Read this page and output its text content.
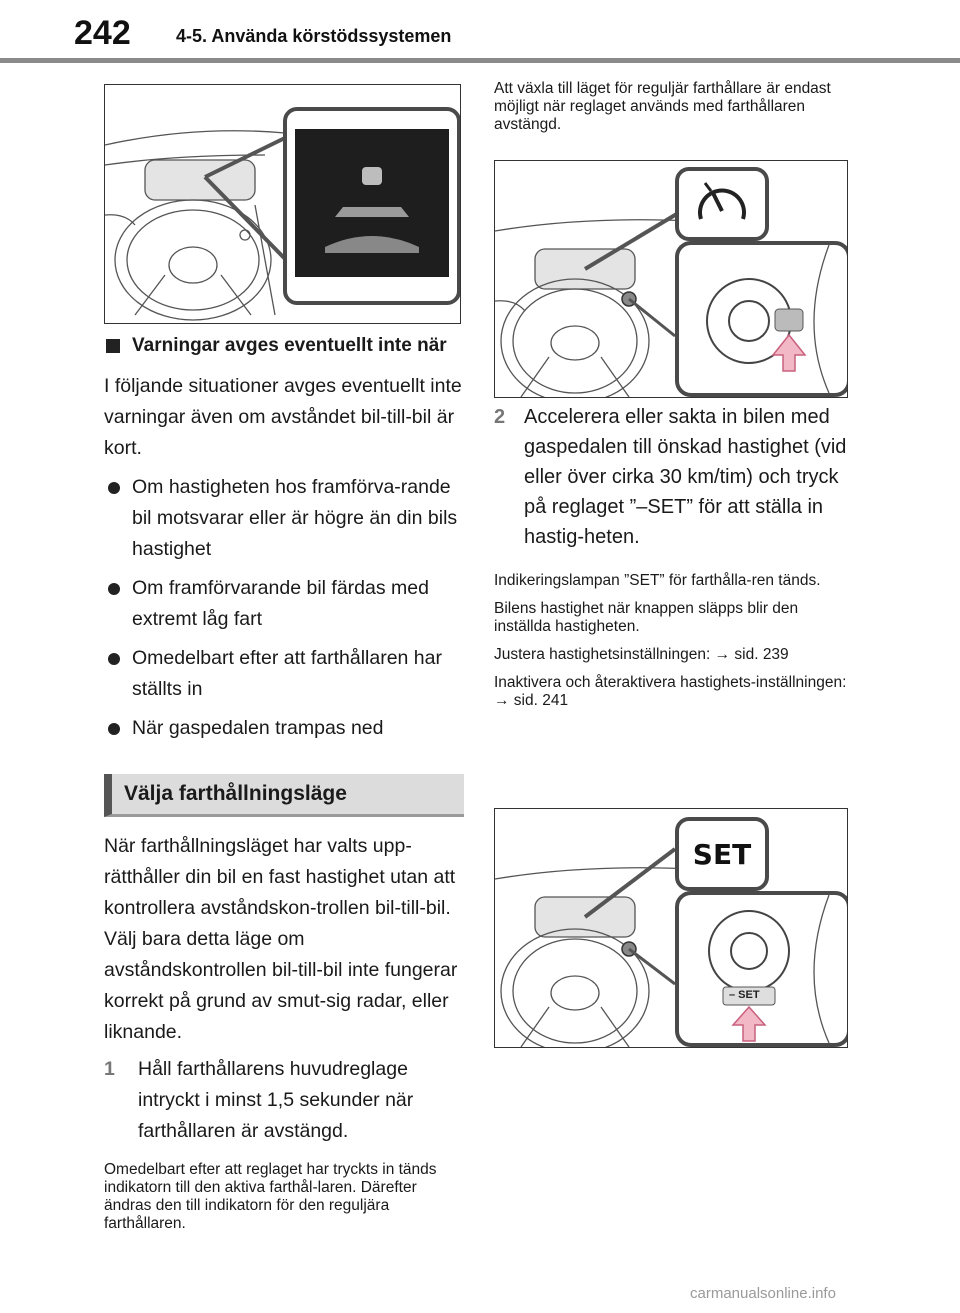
242	4-5. Använda körstödssystemen
Varningar avges eventuellt inte när

I följande situationer avges eventuellt inte varningar även om avståndet bil-till-bil är kort.

Om hastigheten hos framförva-rande bil motsvarar eller är högre än din bils hastighet
Om framförvarande bil färdas med extremt låg fart
Omedelbart efter att farthållaren har ställts in
När gaspedalen trampas ned
Välja farthållningsläge

När farthållningsläget har valts upp-rätthåller din bil en fast hastighet utan att kontrollera avståndskon-trollen bil-till-bil. Välj bara detta läge om avståndskontrollen bil-till-bil inte fungerar korrekt på grund av smut-sig radar, eller liknande.

1	Håll farthållarens huvudreglage intryckt i minst 1,5 sekunder när farthållaren är avstängd.

Omedelbart efter att reglaget har tryckts in tänds indikatorn till den aktiva farthål-laren. Därefter ändras den till indikatorn för den reguljära farthållaren.

Att växla till läget för reguljär farthållare är endast möjligt när reglaget används med farthållaren avstängd.

2 Accelerera eller sakta in bilen med gaspedalen till önskad hastighet (vid eller över cirka 30 km/tim) och tryck på reglaget ”–SET” för att ställa in hastig-heten.

Indikeringslampan ”SET” för farthålla-ren tänds.

Bilens hastighet när knappen släpps blir den inställda hastigheten.

Justera hastighetsinställningen: → sid. 239

Inaktivera och återaktivera hastighets-inställningen: → sid. 241

SET
– SET
carmanualsonline.info
